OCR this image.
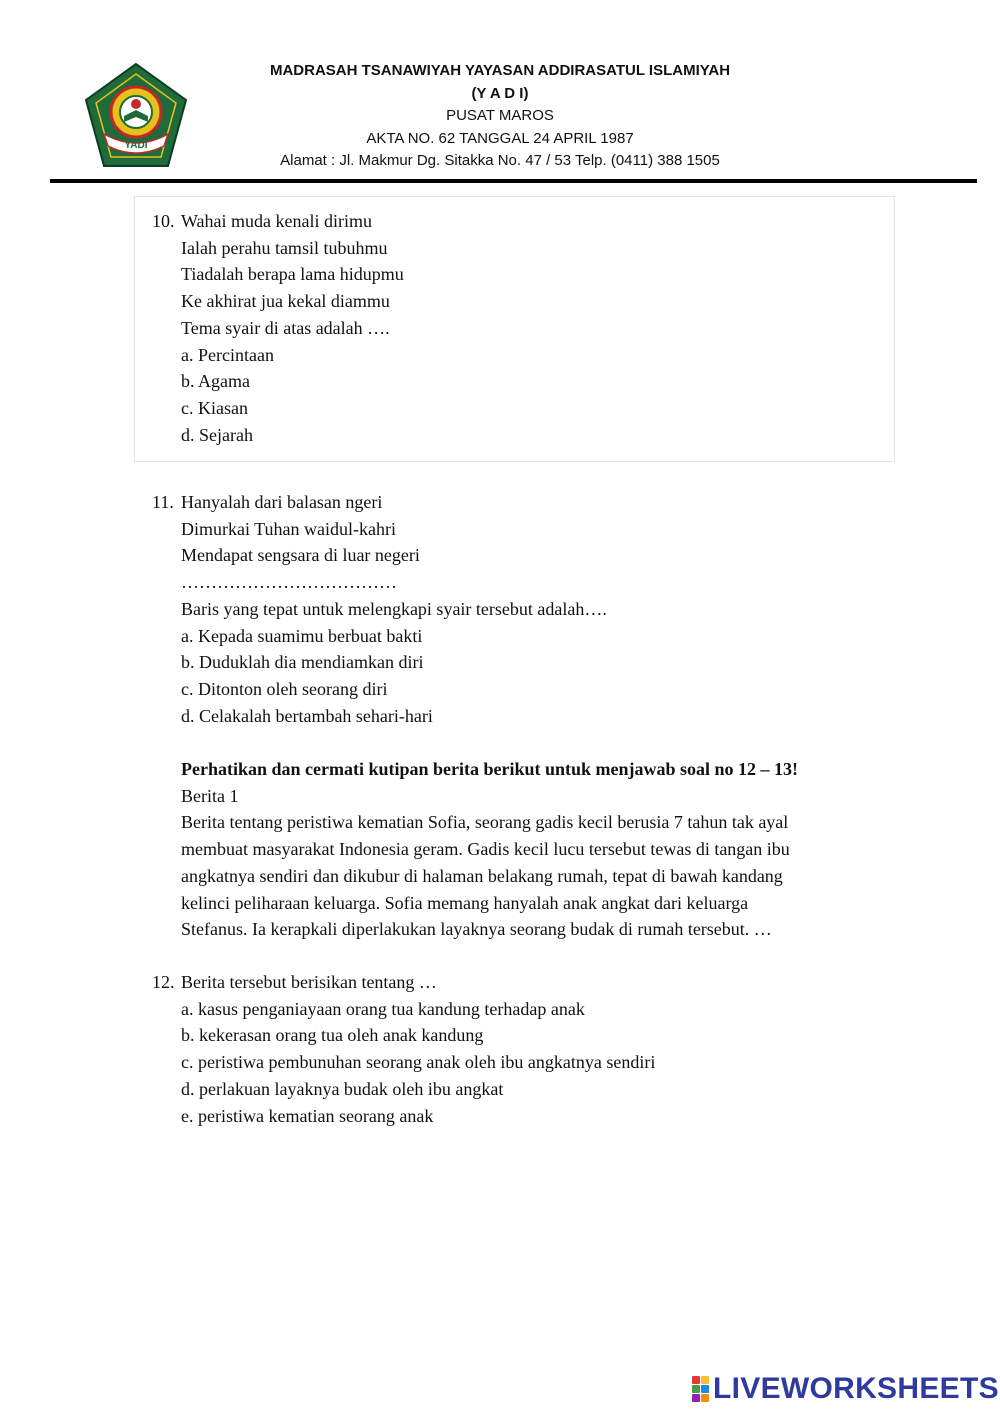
YADI
MADRASAH TSANAWIYAH YAYASAN ADDIRASATUL ISLAMIYAH
(Y A D I)
PUSAT MAROS
AKTA NO. 62 TANGGAL 24 APRIL 1987
Alamat : Jl. Makmur Dg. Sitakka No. 47 / 53 Telp. (0411) 388 1505
10. Wahai muda kenali dirimu
Ialah perahu tamsil tubuhmu
Tiadalah berapa lama hidupmu
Ke akhirat jua kekal diammu
Tema syair di atas adalah ….
a. Percintaan
b. Agama
c. Kiasan
d. Sejarah
11. Hanyalah dari balasan ngeri
Dimurkai Tuhan waidul-kahri
Mendapat sengsara di luar negeri
………………………………
Baris yang tepat untuk melengkapi syair tersebut adalah….
a. Kepada suamimu berbuat bakti
b. Duduklah dia mendiamkan diri
c. Ditonton oleh seorang diri
d. Celakalah bertambah sehari-hari
Perhatikan dan cermati kutipan berita berikut untuk menjawab soal no 12 – 13!
Berita 1
Berita tentang peristiwa kematian Sofia, seorang gadis kecil berusia 7 tahun tak ayal
membuat masyarakat Indonesia geram. Gadis kecil lucu tersebut tewas di tangan ibu
angkatnya sendiri dan dikubur di halaman belakang rumah, tepat di bawah kandang
kelinci peliharaan keluarga. Sofia memang hanyalah anak angkat dari keluarga
Stefanus. Ia kerapkali diperlakukan layaknya seorang budak di rumah tersebut. …
12. Berita tersebut berisikan tentang …
a. kasus penganiayaan orang tua kandung terhadap anak
b. kekerasan orang tua oleh anak kandung
c. peristiwa pembunuhan seorang anak oleh ibu angkatnya sendiri
d. perlakuan layaknya budak oleh ibu angkat
e. peristiwa kematian seorang anak
LIVEWORKSHEETS
